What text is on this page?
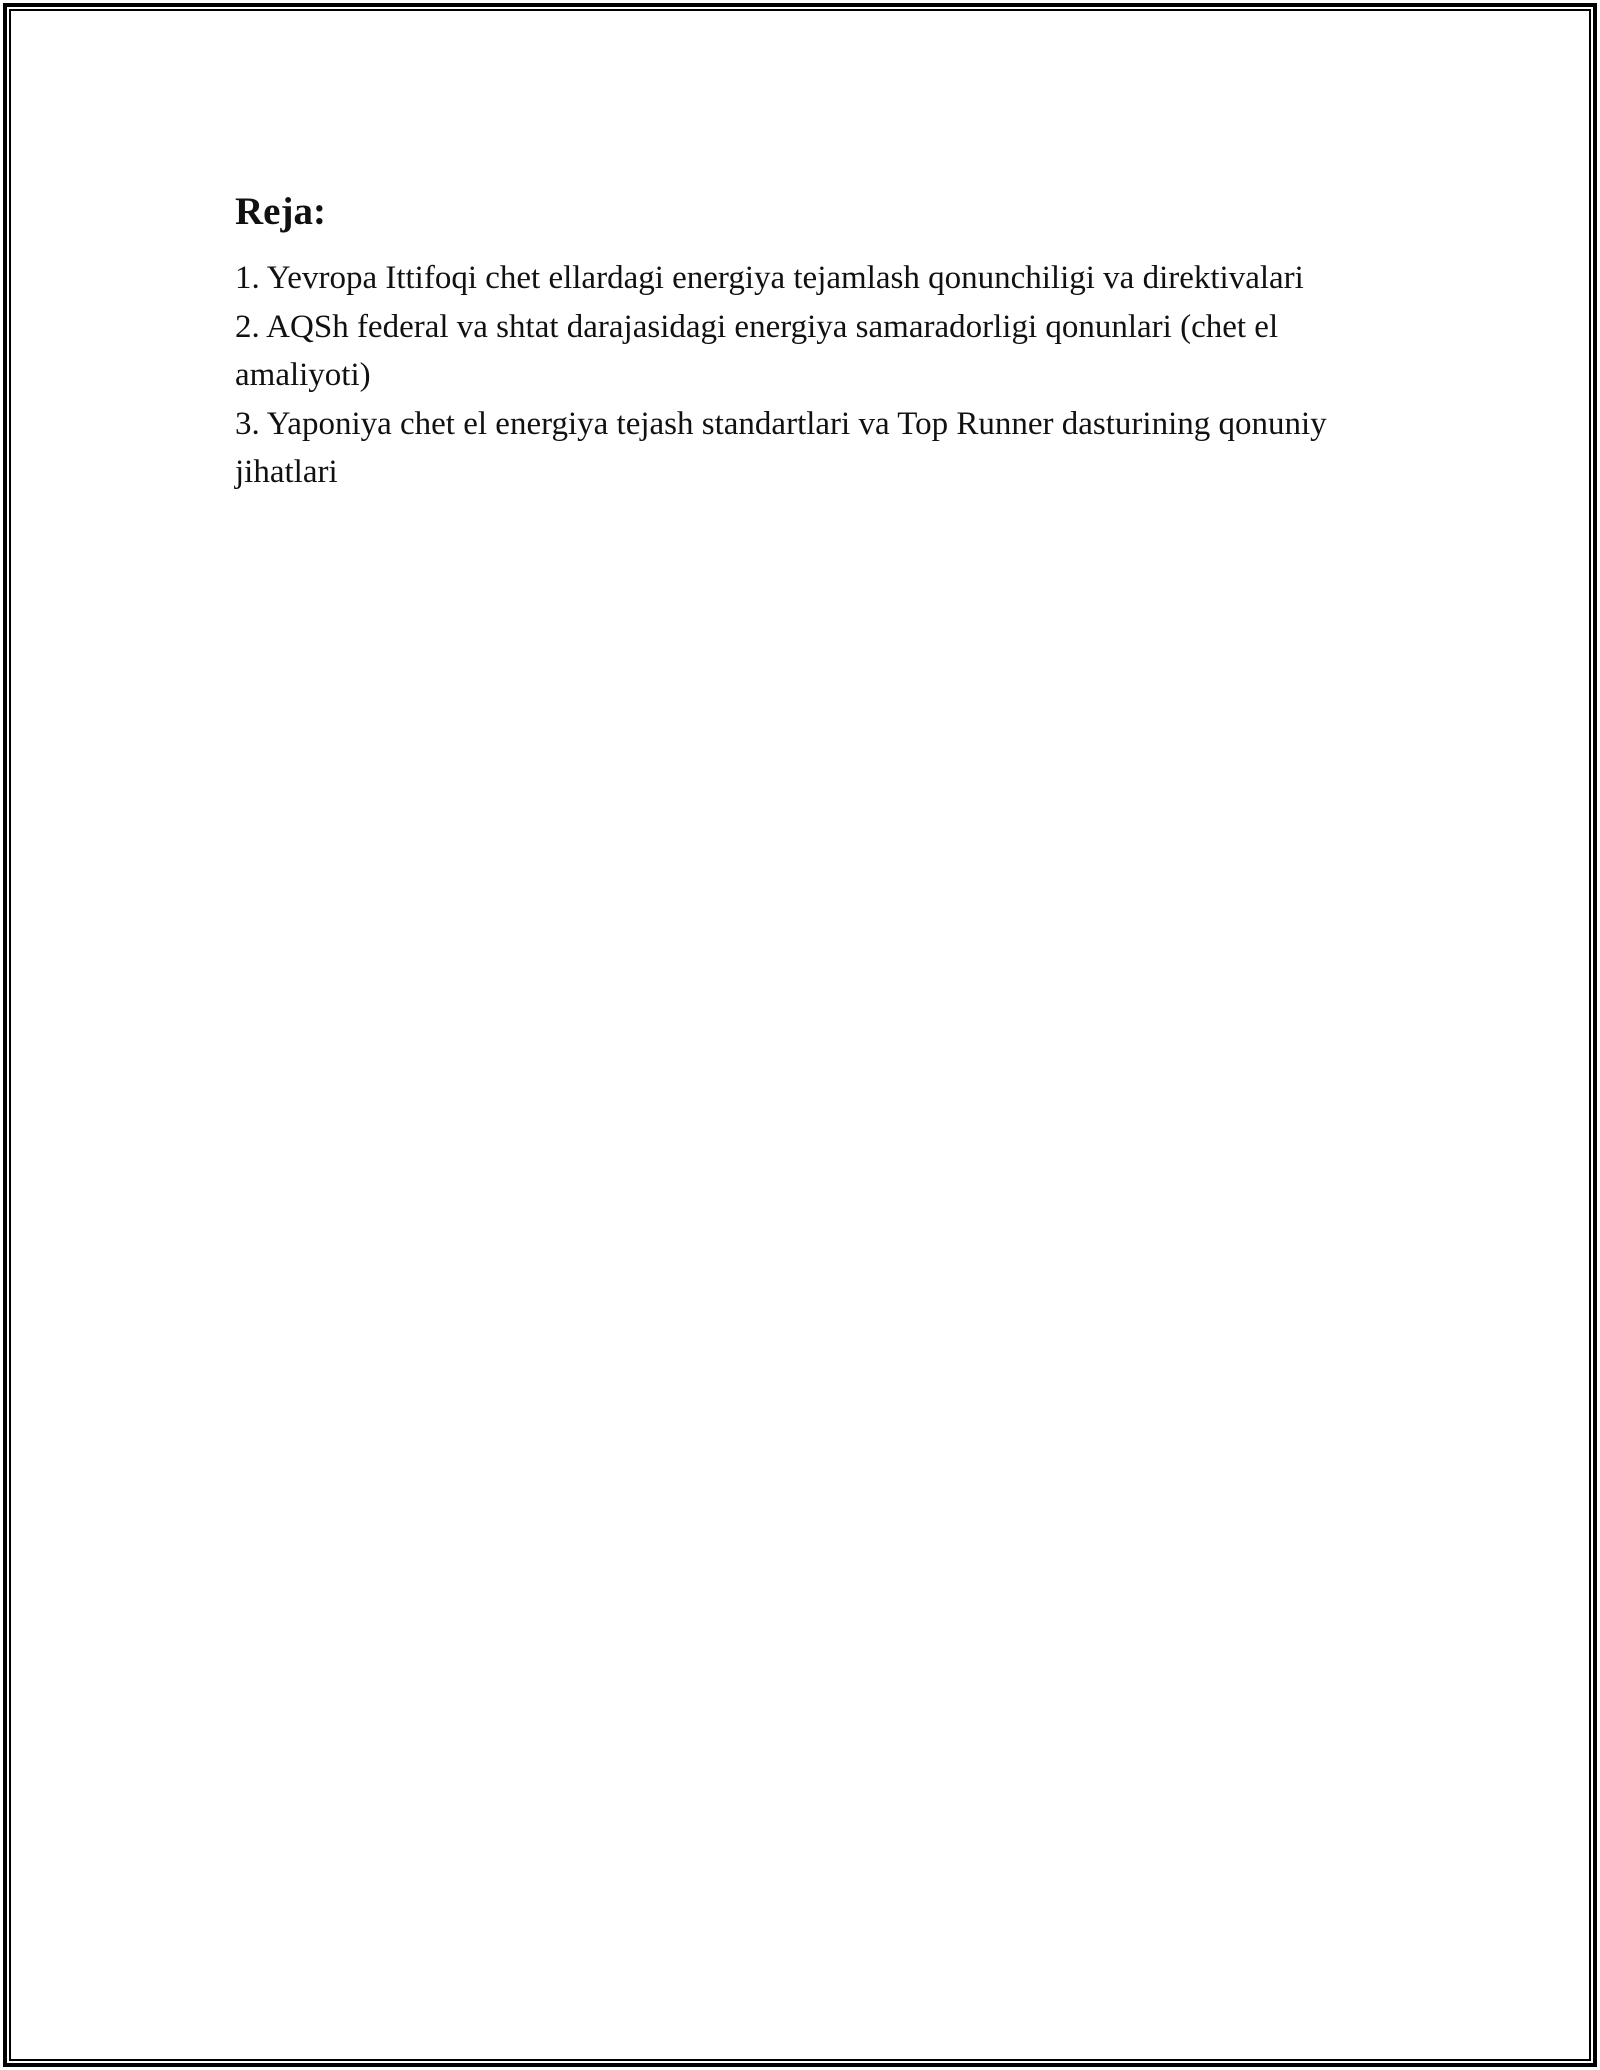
Reja:
1. Yevropa Ittifoqi chet ellardagi energiya tejamlash qonunchiligi va direktivalari
2. AQSh federal va shtat darajasidagi energiya samaradorligi qonunlari (chet el amaliyoti)
3. Yaponiya chet el energiya tejash standartlari va Top Runner dasturining qonuniy jihatlari
